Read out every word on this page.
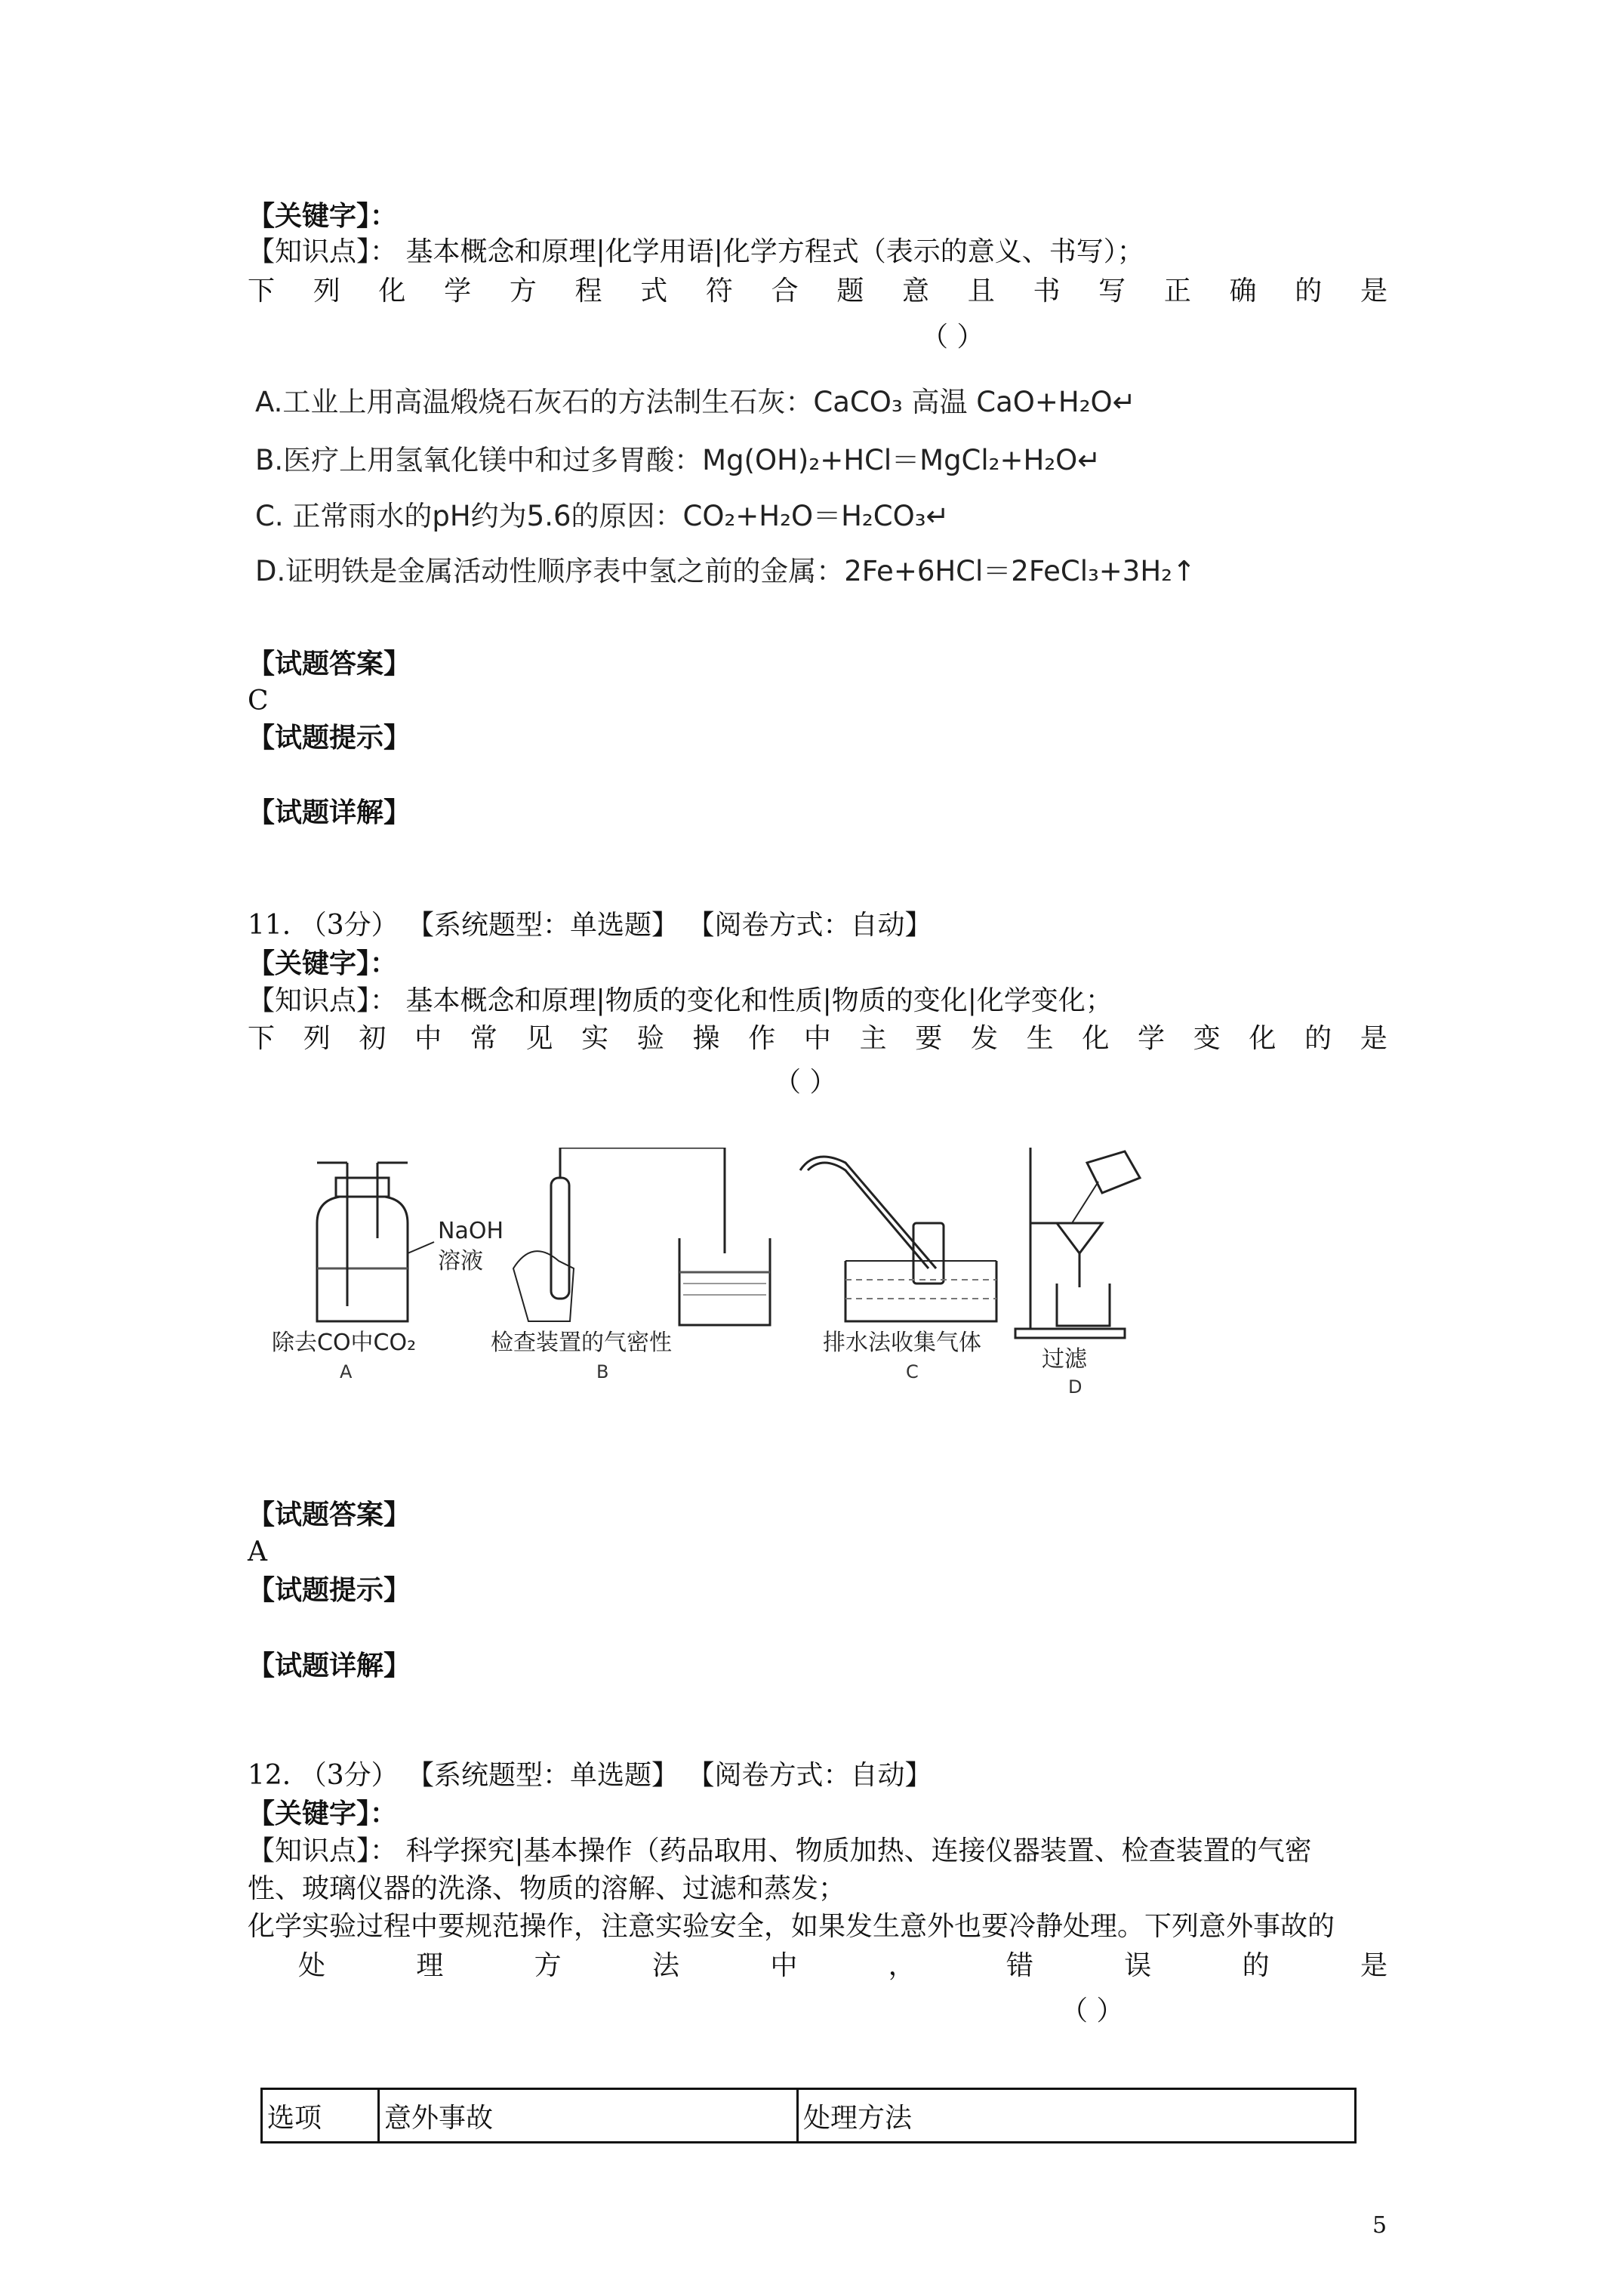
【关键字】：
【知识点】： 基本概念和原理|化学用语|化学方程式（表示的意义、书写）；
下 列 化 学 方 程 式 符 合 题 意 且 书 写 正 确 的 是
（ ）
A.工业上用高温煅烧石灰石的方法制生石灰：CaCO₃ 高温 CaO+H₂O↵
B.医疗上用氢氧化镁中和过多胃酸：Mg(OH)₂+HCl＝MgCl₂+H₂O↵
C. 正常雨水的pH约为5.6的原因：CO₂+H₂O＝H₂CO₃↵
D.证明铁是金属活动性顺序表中氢之前的金属：2Fe+6HCl＝2FeCl₃+3H₂↑
【试题答案】
C
【试题提示】
【试题详解】
11. （3分） 【系统题型：单选题】 【阅卷方式：自动】
【关键字】：
【知识点】： 基本概念和原理|物质的变化和性质|物质的变化|化学变化；
下 列 初 中 常 见 实 验 操 作 中 主 要 发 生 化 学 变 化 的 是
（ ）
NaOH
溶液
除去CO中CO₂
A
检查装置的气密性
B
排水法收集气体
C	过滤
D
【试题答案】
A
【试题提示】
【试题详解】
12. （3分） 【系统题型：单选题】 【阅卷方式：自动】
【关键字】：
【知识点】： 科学探究|基本操作（药品取用、物质加热、连接仪器装置、检查装置的气密
性、玻璃仪器的洗涤、物质的溶解、过滤和蒸发；
化学实验过程中要规范操作，注意实验安全，如果发生意外也要冷静处理。下列意外事故的
处	理	方	法	中	，	错	误	的	是
（ ）
选项	意外事故	处理方法
5
